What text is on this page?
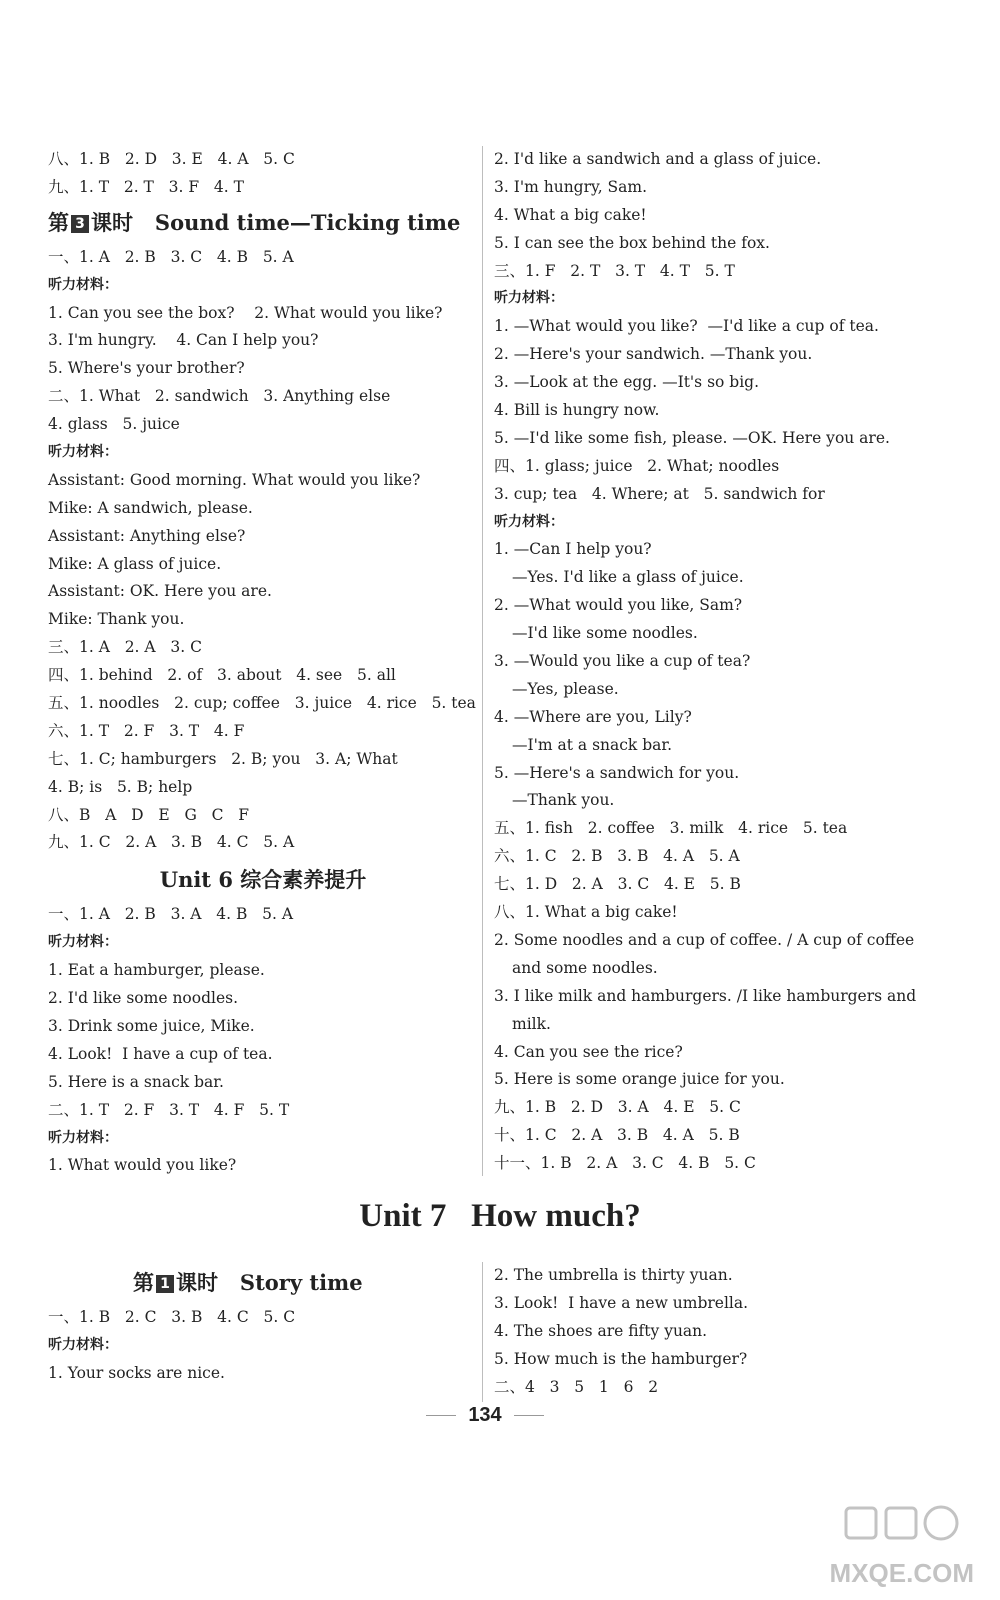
八、1. B   2. D   3. E   4. A   5. C
九、1. T   2. T   3. F   4. T
第 3 课时   Sound time—Ticking time
一、1. A   2. B   3. C   4. B   5. A
听力材料：
1. Can you see the box?    2. What would you like?
3. I'm hungry.    4. Can I help you?
5. Where's your brother?
二、1. What   2. sandwich   3. Anything else
4. glass   5. juice
听力材料：
Assistant: Good morning. What would you like?
Mike: A sandwich, please.
Assistant: Anything else?
Mike: A glass of juice.
Assistant: OK. Here you are.
Mike: Thank you.
三、1. A   2. A   3. C
四、1. behind   2. of   3. about   4. see   5. all
五、1. noodles   2. cup; coffee   3. juice   4. rice   5. tea
六、1. T   2. F   3. T   4. F
七、1. C; hamburgers   2. B; you   3. A; What
4. B; is   5. B; help
八、B   A   D   E   G   C   F
九、1. C   2. A   3. B   4. C   5. A
Unit 6 综合素养提升
一、1. A   2. B   3. A   4. B   5. A
听力材料：
1. Eat a hamburger, please.
2. I'd like some noodles.
3. Drink some juice, Mike.
4. Look!  I have a cup of tea.
5. Here is a snack bar.
二、1. T   2. F   3. T   4. F   5. T
听力材料：
1. What would you like?
2. I'd like a sandwich and a glass of juice.
3. I'm hungry, Sam.
4. What a big cake!
5. I can see the box behind the fox.
三、1. F   2. T   3. T   4. T   5. T
听力材料：
1. —What would you like?  —I'd like a cup of tea.
2. —Here's your sandwich. —Thank you.
3. —Look at the egg. —It's so big.
4. Bill is hungry now.
5. —I'd like some fish, please. —OK. Here you are.
四、1. glass; juice   2. What; noodles
3. cup; tea   4. Where; at   5. sandwich for
听力材料：
1. —Can I help you?
—Yes. I'd like a glass of juice.
2. —What would you like, Sam?
—I'd like some noodles.
3. —Would you like a cup of tea?
—Yes, please.
4. —Where are you, Lily?
—I'm at a snack bar.
5. —Here's a sandwich for you.
—Thank you.
五、1. fish   2. coffee   3. milk   4. rice   5. tea
六、1. C   2. B   3. B   4. A   5. A
七、1. D   2. A   3. C   4. E   5. B
八、1. What a big cake!
2. Some noodles and a cup of coffee. / A cup of coffee
and some noodles.
3. I like milk and hamburgers. /I like hamburgers and
milk.
4. Can you see the rice?
5. Here is some orange juice for you.
九、1. B   2. D   3. A   4. E   5. C
十、1. C   2. A   3. B   4. A   5. B
十一、1. B   2. A   3. C   4. B   5. C
Unit 7   How much?
第 1 课时   Story time
一、1. B   2. C   3. B   4. C   5. C
听力材料：
1. Your socks are nice.
2. The umbrella is thirty yuan.
3. Look!  I have a new umbrella.
4. The shoes are fifty yuan.
5. How much is the hamburger?
二、4   3   5   1   6   2
134
MXQE.COM
